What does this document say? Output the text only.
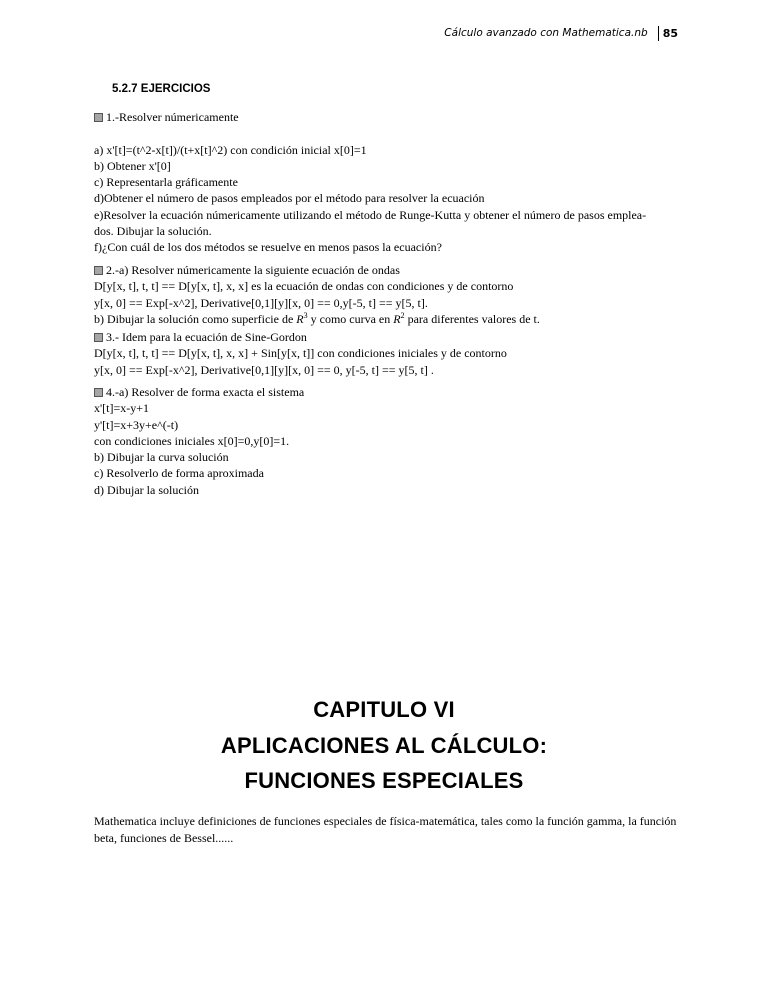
Cálculo avanzado con Mathematica.nb 85
5.2.7 EJERCICIOS
1.-Resolver númericamente
a) x'[t]=(t^2-x[t])/(t+x[t]^2) con condición inicial x[0]=1
b) Obtener x'[0]
c) Representarla gráficamente
d)Obtener el número de pasos empleados por el método para resolver la ecuación
e)Resolver la ecuación númericamente utilizando el método de Runge-Kutta y obtener el número de pasos emplea-
dos. Dibujar la solución.
f)¿Con cuál de los dos métodos se resuelve en menos pasos la ecuación?
2.-a) Resolver númericamente la siguiente ecuación de ondas
D[y[x, t], t, t] == D[y[x, t], x, x] es la ecuación de ondas con condiciones y de contorno
y[x, 0] == Exp[-x^2], Derivative[0,1][y][x, 0] == 0,y[-5, t] == y[5, t].
b) Dibujar la solución como superficie de $R^3$ y como curva en $R^2$ para diferentes valores de t.
3.- Idem para la ecuación de Sine-Gordon
D[y[x, t], t, t] == D[y[x, t], x, x] + Sin[y[x, t]] con condiciones iniciales y de contorno
y[x, 0] == Exp[-x^2], Derivative[0,1][y][x, 0] == 0, y[-5, t] == y[5, t] .
4.-a) Resolver de forma exacta el sistema
x'[t]=x-y+1
y'[t]=x+3y+e^(-t)
con condiciones iniciales x[0]=0,y[0]=1.
b) Dibujar la curva solución
c) Resolverlo de forma aproximada
d) Dibujar la solución
CAPITULO VI
APLICACIONES AL CÁLCULO:
FUNCIONES ESPECIALES

Mathematica incluye definiciones de funciones especiales de física-matemática, tales como la función gamma, la función beta, funciones de Bessel......
